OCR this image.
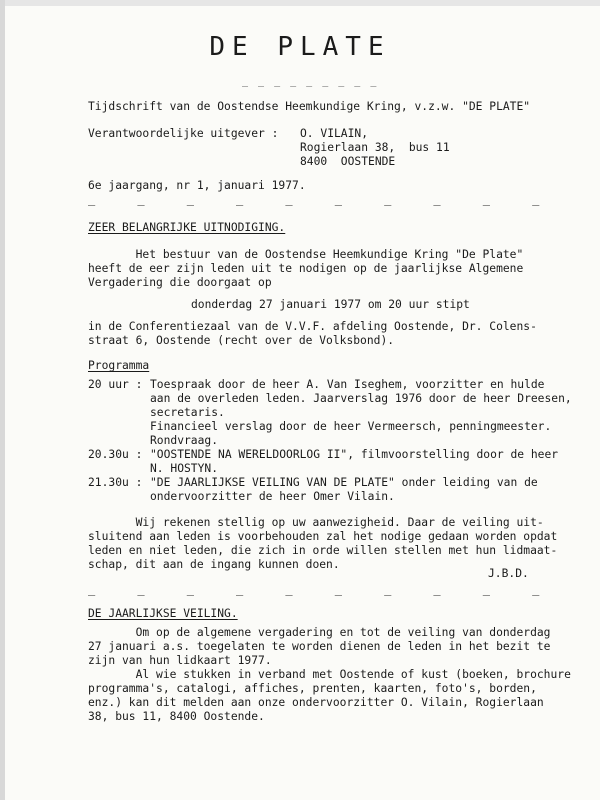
DE PLATE
_ _ _ _ _ _ _ _ _
Tijdschrift van de Oostendse Heemkundige Kring, v.z.w. "DE PLATE"
Verantwoordelijke uitgever : O. VILAIN,
Rogierlaan 38,  bus 11
8400  OOSTENDE
6e jaargang, nr 1, januari 1977.
_     _     _     _     _     _     _     _     _     _
ZEER BELANGRIJKE UITNODIGING.
Het bestuur van de Oostendse Heemkundige Kring "De Plate"
heeft de eer zijn leden uit te nodigen op de jaarlijkse Algemene
Vergadering die doorgaat op
donderdag 27 januari 1977 om 20 uur stipt
in de Conferentiezaal van de V.V.F. afdeling Oostende, Dr. Colens-
straat 6, Oostende (recht over de Volksbond).
Programma
20 uur : Toespraak door de heer A. Van Iseghem, voorzitter en hulde
aan de overleden leden. Jaarverslag 1976 door de heer Dreesen,
secretaris.
Financieel verslag door de heer Vermeersch, penningmeester.
Rondvraag.
20.30u : "OOSTENDE NA WERELDOORLOG II", filmvoorstelling door de heer
N. HOSTYN.
21.30u : "DE JAARLIJKSE VEILING VAN DE PLATE" onder leiding van de
ondervoorzitter de heer Omer Vilain.
Wij rekenen stellig op uw aanwezigheid. Daar de veiling uit-
sluitend aan leden is voorbehouden zal het nodige gedaan worden opdat
leden en niet leden, die zich in orde willen stellen met hun lidmaat-
schap, dit aan de ingang kunnen doen.
J.B.D.
_     _     _     _     _     _     _     _     _     _
DE JAARLIJKSE VEILING.
Om op de algemene vergadering en tot de veiling van donderdag
27 januari a.s. toegelaten te worden dienen de leden in het bezit te
zijn van hun lidkaart 1977.
Al wie stukken in verband met Oostende of kust (boeken, brochure
programma's, catalogi, affiches, prenten, kaarten, foto's, borden,
enz.) kan dit melden aan onze ondervoorzitter O. Vilain, Rogierlaan
38, bus 11, 8400 Oostende.
